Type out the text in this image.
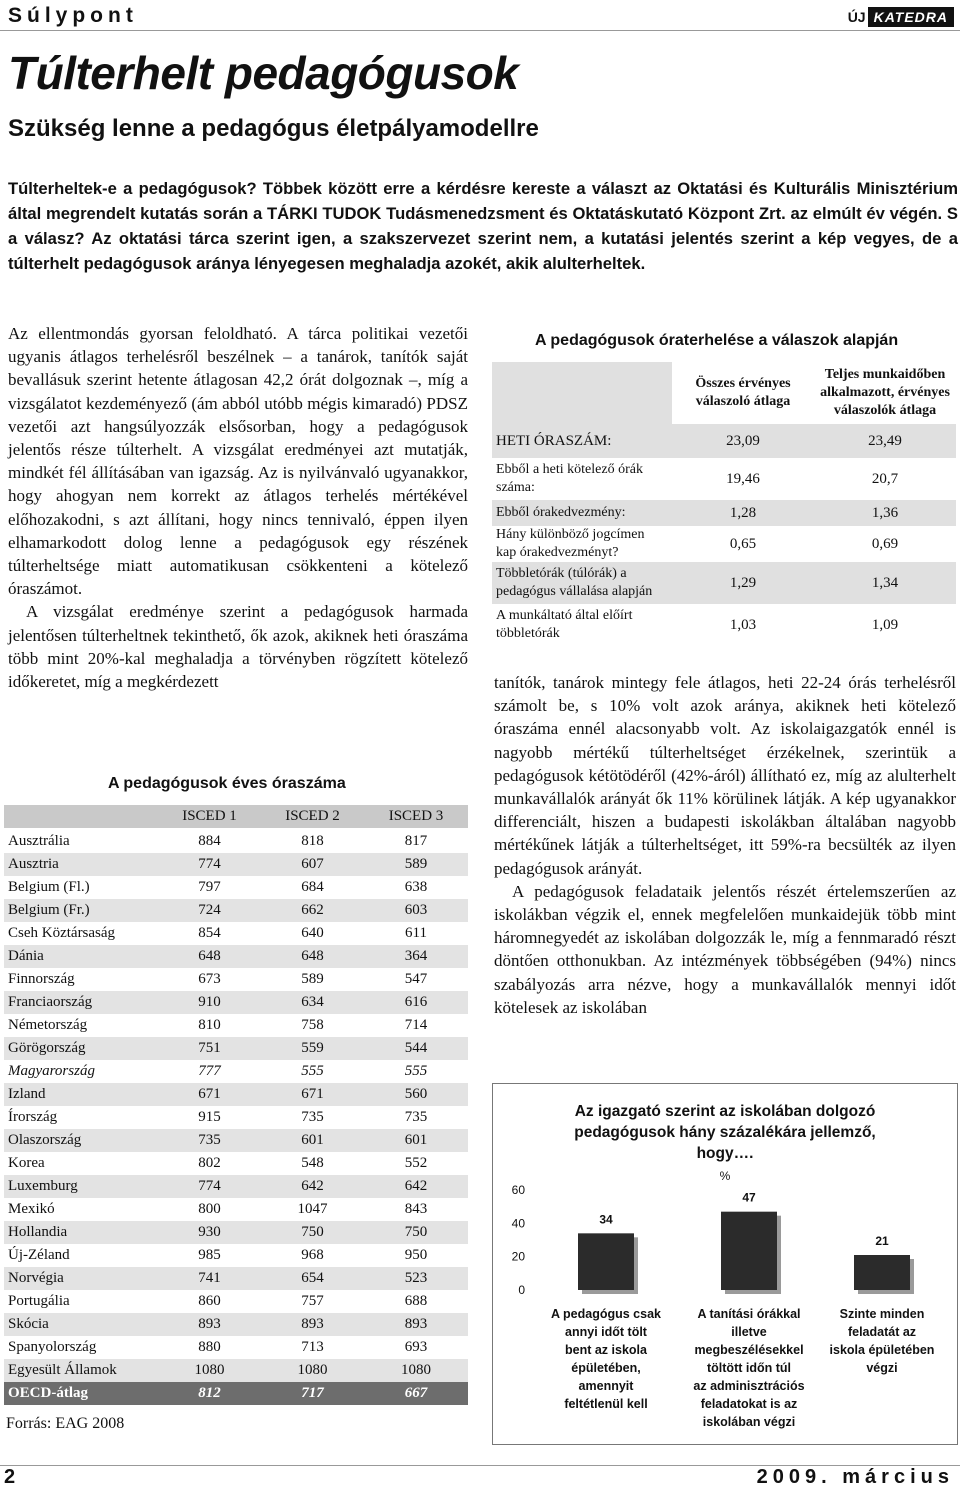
Súlypont	ÚJ KATEDRA
Túlterhelt pedagógusok
Szükség lenne a pedagógus életpályamodellre
Túlterheltek-e a pedagógusok? Többek között erre a kérdésre kereste a választ az Oktatási és Kulturális Minisztérium által megrendelt kutatás során a TÁRKI TUDOK Tudásmenedzsment és Oktatáskutató Központ Zrt. az elmúlt év végén. S a válasz? Az oktatási tárca szerint igen, a szakszervezet szerint nem, a kutatási jelentés szerint a kép vegyes, de a túlterhelt pedagógusok aránya lényegesen meghaladja azokét, akik alulterheltek.

Az ellentmondás gyorsan feloldható. A tárca politikai vezetői ugyanis átlagos terhelésről beszélnek – a tanárok, tanítók saját bevallásuk szerint hetente átlagosan 42,2 órát dolgoznak –, míg a vizsgálatot kezdeményező (ám abból utóbb mégis kimaradó) PDSZ vezetői azt hangsúlyozzák elsősorban, hogy a pedagógusok jelentős része túlterhelt. A vizsgálat eredményei azt mutatják, mindkét fél állításában van igazság. Az is nyilvánvaló ugyanakkor, hogy ahogyan nem korrekt az átlagos terhelés mértékével előhozakodni, s azt állítani, hogy nincs tennivaló, éppen ilyen elhamarkodott dolog lenne a pedagógusok egy részének túlterheltsége miatt automatikusan csökkenteni a kötelező óraszámot.

A vizsgálat eredménye szerint a pedagógusok harmada jelentősen túlterheltnek tekinthető, ők azok, akiknek heti óraszáma több mint 20%-kal meghaladja a törvényben rögzített kötelező időkeretet, míg a megkérdezett

A pedagógusok éves óraszáma
	ISCED 1	ISCED 2	ISCED 3
Ausztrália	884	818	817
Ausztria	774	607	589
Belgium (Fl.)	797	684	638
Belgium (Fr.)	724	662	603
Cseh Köztársaság	854	640	611
Dánia	648	648	364
Finnország	673	589	547
Franciaország	910	634	616
Németország	810	758	714
Görögország	751	559	544
Magyarország	777	555	555
Izland	671	671	560
Írország	915	735	735
Olaszország	735	601	601
Korea	802	548	552
Luxemburg	774	642	642
Mexikó	800	1047	843
Hollandia	930	750	750
Új-Zéland	985	968	950
Norvégia	741	654	523
Portugália	860	757	688
Skócia	893	893	893
Spanyolország	880	713	693
Egyesült Államok	1080	1080	1080
OECD-átlag	812	717	667
Forrás: EAG 2008
A pedagógusok óraterhelése a válaszok alapján
	Összes érvényes válaszoló átlaga	Teljes munkaidőben alkalmazott, érvényes válaszolók átlaga
HETI ÓRASZÁM:	23,09	23,49
Ebből a heti kötelező órák száma:	19,46	20,7
Ebből órakedvezmény:	1,28	1,36
Hány különböző jogcímen kap órakedvezményt?	0,65	0,69
Többletórák (túlórák) a pedagógus vállalása alapján	1,29	1,34
A munkáltató által előírt többletórák	1,03	1,09

tanítók, tanárok mintegy fele átlagos, heti 22-24 órás terhelésről számolt be, s 10% volt azok aránya, akiknek heti kötelező óraszáma ennél alacsonyabb volt. Az iskolaigazgatók ennél is nagyobb mértékű túlterheltséget érzékelnek, szerintük a pedagógusok kétötödéről (42%-áról) állítható ez, míg az alulterhelt munkavállalók arányát ők 11% körülinek látják. A kép ugyanakkor differenciált, hiszen a budapesti iskolákban általában nagyobb mértékűnek látják a túlterheltséget, itt 59%-ra becsülték az ilyen pedagógusok arányát.

A pedagógusok feladataik jelentős részét értelemszerűen az iskolákban végzik el, ennek megfelelően munkaidejük több mint háromnegyedét az iskolában dolgozzák le, míg a fennmaradó részt döntően otthonukban. Az intézmények többségében (94%) nincs szabályozás arra nézve, hogy a munkavállalók mennyi időt kötelesek az iskolában

Az igazgató szerint az iskolában dolgozó
pedagógusok hány százalékára jellemző,
hogy….
%
0
20
40
60
34
47
21
A pedagógus csak
annyi időt tölt
bent az iskola
épületében,
amennyit
feltétlenül kell
A tanítási órákkal
illetve
megbeszélésekkel
töltött időn túl
az adminisztrációs
feladatokat is az
iskolában végzi
Szinte minden
feladatát az
iskola épületében
végzi
2	2009. március
